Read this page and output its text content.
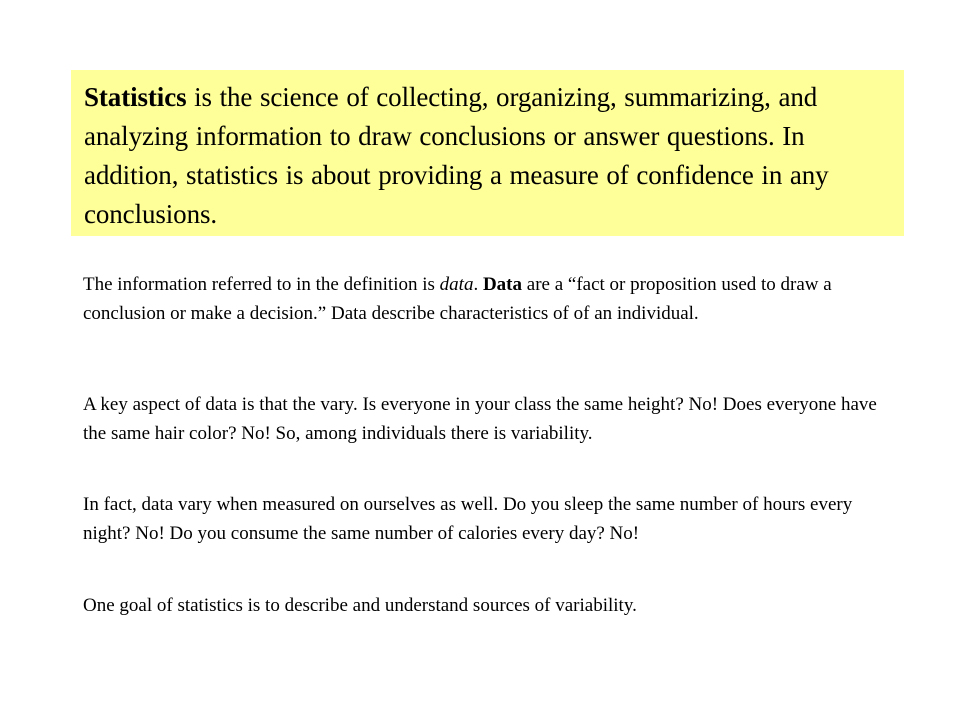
Statistics is the science of collecting, organizing, summarizing, and analyzing information to draw conclusions or answer questions. In addition, statistics is about providing a measure of confidence in any conclusions.

The information referred to in the definition is data. Data are a “fact or proposition used to draw a conclusion or make a decision.” Data describe characteristics of of an individual.

A key aspect of data is that the vary. Is everyone in your class the same height? No! Does everyone have the same hair color? No! So, among individuals there is variability.

In fact, data vary when measured on ourselves as well. Do you sleep the same number of hours every night? No! Do you consume the same number of calories every day? No!

One goal of statistics is to describe and understand sources of variability.
